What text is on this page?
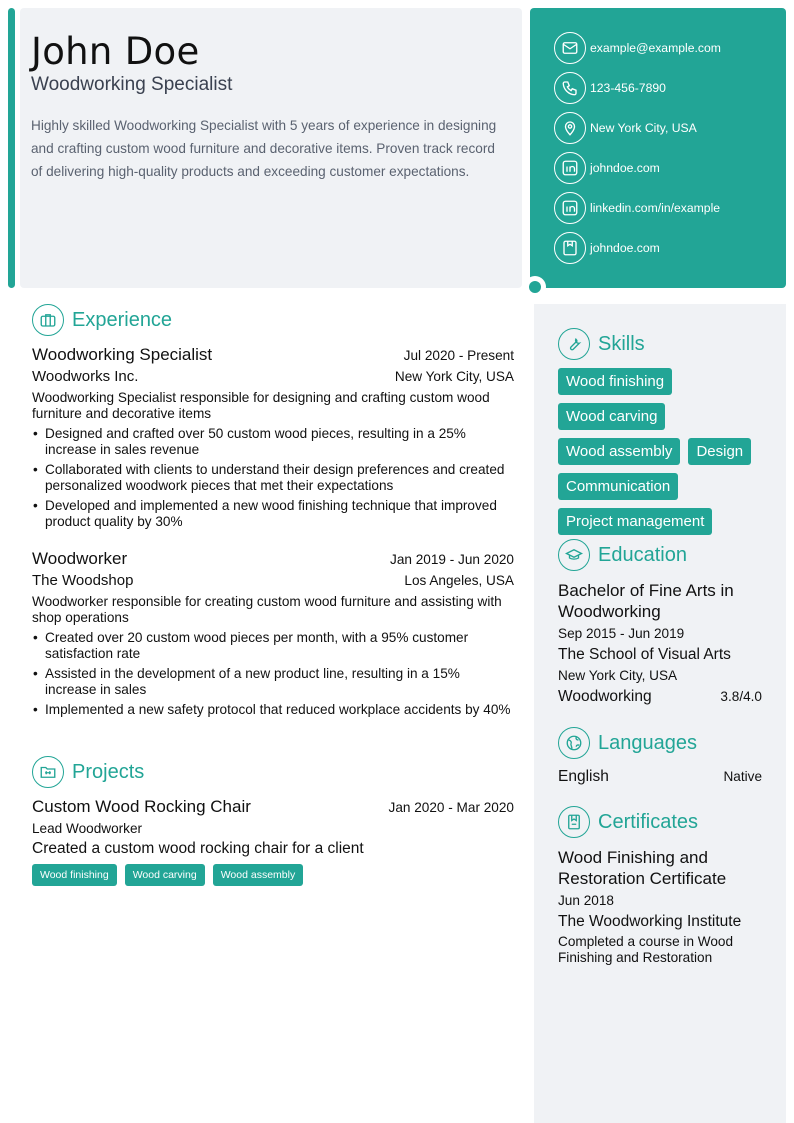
John Doe
Woodworking Specialist
Highly skilled Woodworking Specialist with 5 years of experience in designing and crafting custom wood furniture and decorative items. Proven track record of delivering high-quality products and exceeding customer expectations.
example@example.com
123-456-7890
New York City, USA
johndoe.com
linkedin.com/in/example
johndoe.com
Experience
Woodworking Specialist	Jul 2020 - Present
Woodworks Inc.	New York City, USA
Woodworking Specialist responsible for designing and crafting custom wood furniture and decorative items
• Designed and crafted over 50 custom wood pieces, resulting in a 25% increase in sales revenue
• Collaborated with clients to understand their design preferences and created personalized woodwork pieces that met their expectations
• Developed and implemented a new wood finishing technique that improved product quality by 30%
Woodworker	Jan 2019 - Jun 2020
The Woodshop	Los Angeles, USA
Woodworker responsible for creating custom wood furniture and assisting with shop operations
• Created over 20 custom wood pieces per month, with a 95% customer satisfaction rate
• Assisted in the development of a new product line, resulting in a 15% increase in sales
• Implemented a new safety protocol that reduced workplace accidents by 40%
Projects
Custom Wood Rocking Chair	Jan 2020 - Mar 2020
Lead Woodworker
Created a custom wood rocking chair for a client
Wood finishing	Wood carving	Wood assembly
Skills
Wood finishing
Wood carving
Wood assembly	Design
Communication
Project management
Education
Bachelor of Fine Arts in Woodworking
Sep 2015 - Jun 2019
The School of Visual Arts
New York City, USA
Woodworking	3.8/4.0
Languages
English	Native
Certificates
Wood Finishing and Restoration Certificate
Jun 2018
The Woodworking Institute
Completed a course in Wood Finishing and Restoration
